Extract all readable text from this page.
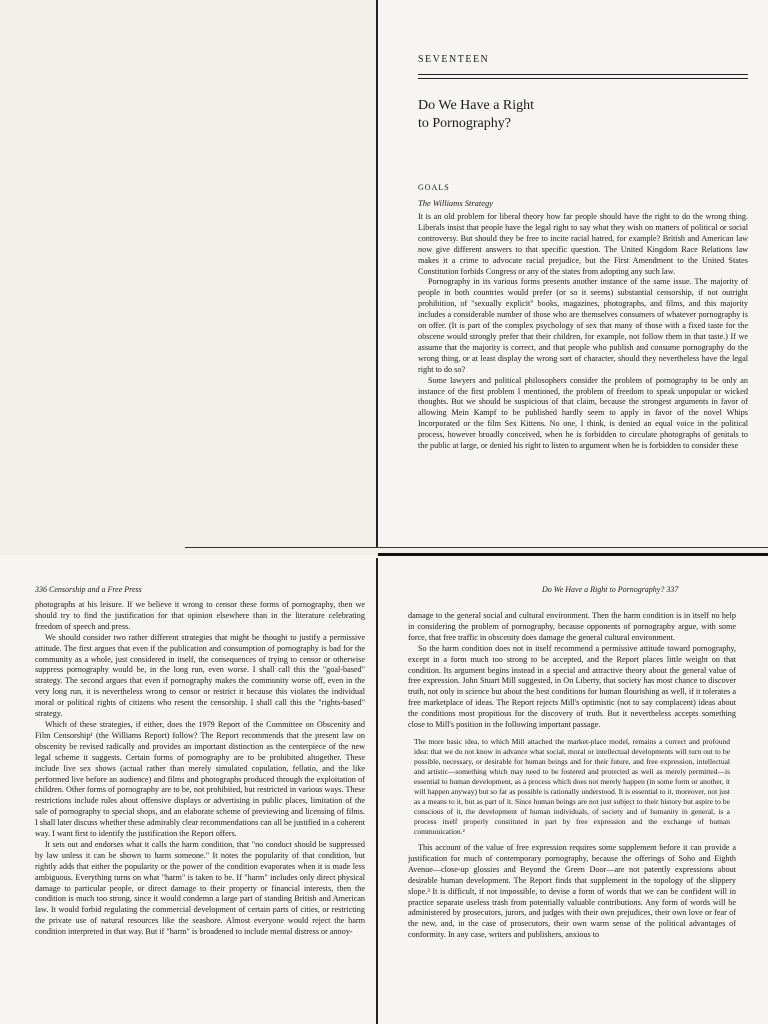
SEVENTEEN
Do We Have a Right
to Pornography?
GOALS
The Williams Strategy

It is an old problem for liberal theory how far people should have the right to do the wrong thing. Liberals insist that people have the legal right to say what they wish on matters of political or social controversy. But should they be free to incite racial hatred, for example? British and American law now give different answers to that specific question. The United Kingdom Race Relations law makes it a crime to advocate racial prejudice, but the First Amendment to the United States Constitution forbids Congress or any of the states from adopting any such law.

Pornography in its various forms presents another instance of the same issue. The majority of people in both countries would prefer (or so it seems) substantial censorship, if not outright prohibition, of "sexually explicit" books, magazines, photographs, and films, and this majority includes a considerable number of those who are themselves consumers of whatever pornography is on offer. (It is part of the complex psychology of sex that many of those with a fixed taste for the obscene would strongly prefer that their children, for example, not follow them in that taste.) If we assume that the majority is correct, and that people who publish and consume pornography do the wrong thing, or at least display the wrong sort of character, should they nevertheless have the legal right to do so?

Some lawyers and political philosophers consider the problem of pornography to be only an instance of the first problem I mentioned, the problem of freedom to speak unpopular or wicked thoughts. But we should be suspicious of that claim, because the strongest arguments in favor of allowing Mein Kampf to be published hardly seem to apply in favor of the novel Whips Incorporated or the film Sex Kittens. No one, I think, is denied an equal voice in the political process, however broadly conceived, when he is forbidden to circulate photographs of genitals to the public at large, or denied his right to listen to argument when he is forbidden to consider these

336 Censorship and a Free Press

photographs at his leisure. If we believe it wrong to censor these forms of pornography, then we should try to find the justification for that opinion elsewhere than in the literature celebrating freedom of speech and press.

We should consider two rather different strategies that might be thought to justify a permissive attitude. The first argues that even if the publication and consumption of pornography is bad for the community as a whole, just considered in itself, the consequences of trying to censor or otherwise suppress pornography would be, in the long run, even worse. I shall call this the "goal-based" strategy. The second argues that even if pornography makes the community worse off, even in the very long run, it is nevertheless wrong to censor or restrict it because this violates the individual moral or political rights of citizens who resent the censorship. I shall call this the "rights-based" strategy.

Which of these strategies, if either, does the 1979 Report of the Committee on Obscenity and Film Censorship¹ (the Williams Report) follow? The Report recommends that the present law on obscenity be revised radically and provides an important distinction as the centerpiece of the new legal scheme it suggests. Certain forms of pornography are to be prohibited altogether. These include live sex shows (actual rather than merely simulated copulation, fellatio, and the like performed live before an audience) and films and photographs produced through the exploitation of children. Other forms of pornography are to be, not prohibited, but restricted in various ways. These restrictions include rules about offensive displays or advertising in public places, limitation of the sale of pornography to special shops, and an elaborate scheme of previewing and licensing of films. I shall later discuss whether these admirably clear recommendations can all be justified in a coherent way. I want first to identify the justification the Report offers.

It sets out and endorses what it calls the harm condition, that "no conduct should be suppressed by law unless it can be shown to harm someone." It notes the popularity of that condition, but rightly adds that either the popularity or the power of the condition evaporates when it is made less ambiguous. Everything turns on what "harm" is taken to be. If "harm" includes only direct physical damage to particular people, or direct damage to their property or financial interests, then the condition is much too strong, since it would condemn a large part of standing British and American law. It would forbid regulating the commercial development of certain parts of cities, or restricting the private use of natural resources like the seashore. Almost everyone would reject the harm condition interpreted in that way. But if "harm" is broadened to include mental distress or annoy-

Do We Have a Right to Pornography? 337

damage to the general social and cultural environment. Then the harm condition is in itself no help in considering the problem of pornography, because opponents of pornography argue, with some force, that free traffic in obscenity does damage the general cultural environment.

So the harm condition does not in itself recommend a permissive attitude toward pornography, except in a form much too strong to be accepted, and the Report places little weight on that condition. Its argument begins instead in a special and attractive theory about the general value of free expression. John Stuart Mill suggested, in On Liberty, that society has most chance to discover truth, not only in science but about the best conditions for human flourishing as well, if it tolerates a free marketplace of ideas. The Report rejects Mill's optimistic (not to say complacent) ideas about the conditions most propitious for the discovery of truth. But it nevertheless accepts something close to Mill's position in the following important passage.

The more basic idea, to which Mill attached the market-place model, remains a correct and profound idea: that we do not know in advance what social, moral or intellectual developments will turn out to be possible, necessary, or desirable for human beings and for their future, and free expression, intellectual and artistic—something which may need to be fostered and protected as well as merely permitted—is essential to human development, as a process which does not merely happen (in some form or another, it will happen anyway) but so far as possible is rationally understood. It is essential to it, moreover, not just as a means to it, but as part of it. Since human beings are not just subject to their history but aspire to be conscious of it, the development of human individuals, of society and of humanity in general, is a process itself properly constituted in part by free expression and the exchange of human communication.²

This account of the value of free expression requires some supplement before it can provide a justification for much of contemporary pornography, because the offerings of Soho and Eighth Avenue—close-up glossies and Beyond the Green Door—are not patently expressions about desirable human development. The Report finds that supplement in the topology of the slippery slope.³ It is difficult, if not impossible, to devise a form of words that we can be confident will in practice separate useless trash from potentially valuable contributions. Any form of words will be administered by prosecutors, jurors, and judges with their own prejudices, their own love or fear of the new, and, in the case of prosecutors, their own warm sense of the political advantages of conformity. In any case, writers and publishers, anxious to
